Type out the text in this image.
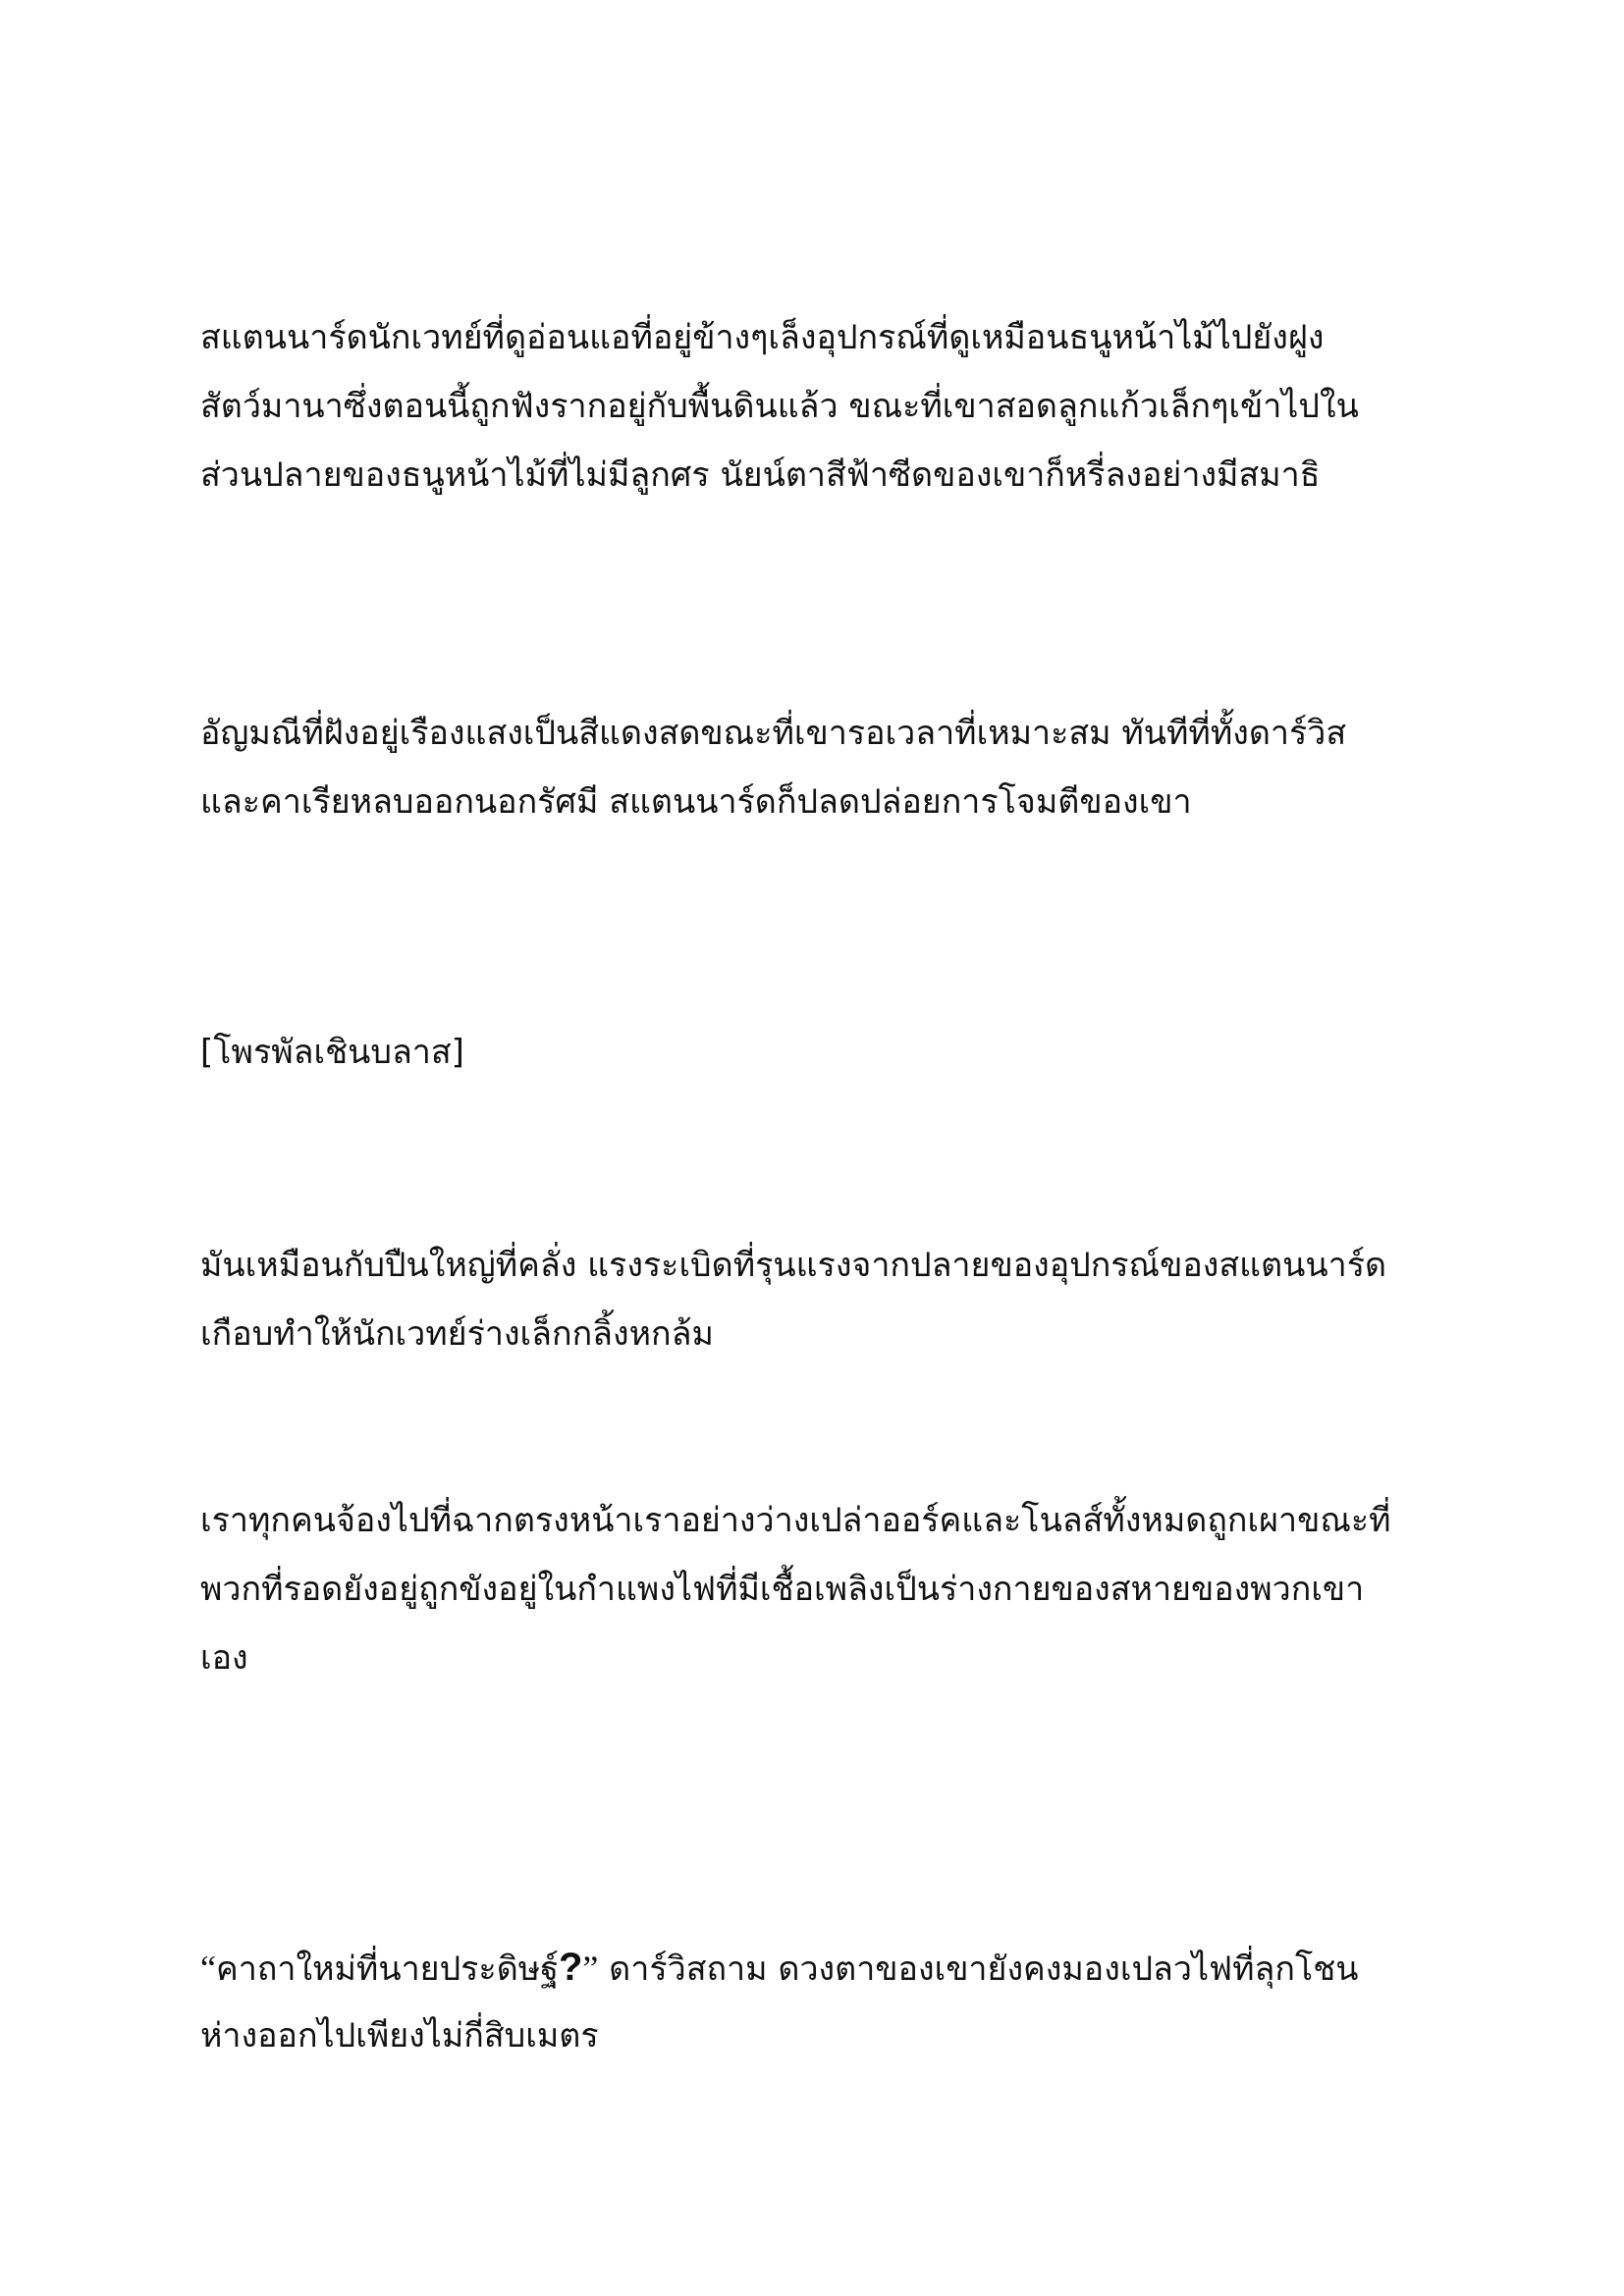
สแตนนาร์ดนักเวทย์ที่ดูอ่อนแอที่อยู่ข้างๆเล็งอุปกรณ์ที่ดูเหมือนธนูหน้าไม้ไปยังฝูง
สัตว์มานาซึ่งตอนนี้ถูกฟังรากอยู่กับพื้นดินแล้ว ขณะที่เขาสอดลูกแก้วเล็กๆเข้าไปใน
ส่วนปลายของธนูหน้าไม้ที่ไม่มีลูกศร นัยน์ตาสีฟ้าซีดของเขาก็หรี่ลงอย่างมีสมาธิ

อัญมณีที่ฝังอยู่เรืองแสงเป็นสีแดงสดขณะที่เขารอเวลาที่เหมาะสม ทันทีที่ทั้งดาร์วิส
และคาเรียหลบออกนอกรัศมี สแตนนาร์ดก็ปลดปล่อยการโจมตีของเขา

[โพรพัลเชินบลาส]

มันเหมือนกับปืนใหญ่ที่คลั่ง แรงระเบิดที่รุนแรงจากปลายของอุปกรณ์ของสแตนนาร์ด
เกือบทำให้นักเวทย์ร่างเล็กกลิ้งหกล้ม

เราทุกคนจ้องไปที่ฉากตรงหน้าเราอย่างว่างเปล่าออร์คและโนลส์ทั้งหมดถูกเผาขณะที่
พวกที่รอดยังอยู่ถูกขังอยู่ในกำแพงไฟที่มีเชื้อเพลิงเป็นร่างกายของสหายของพวกเขา
เอง

“คาถาใหม่ที่นายประดิษฐ์?” ดาร์วิสถาม ดวงตาของเขายังคงมองเปลวไฟที่ลุกโชน
ห่างออกไปเพียงไม่กี่สิบเมตร
